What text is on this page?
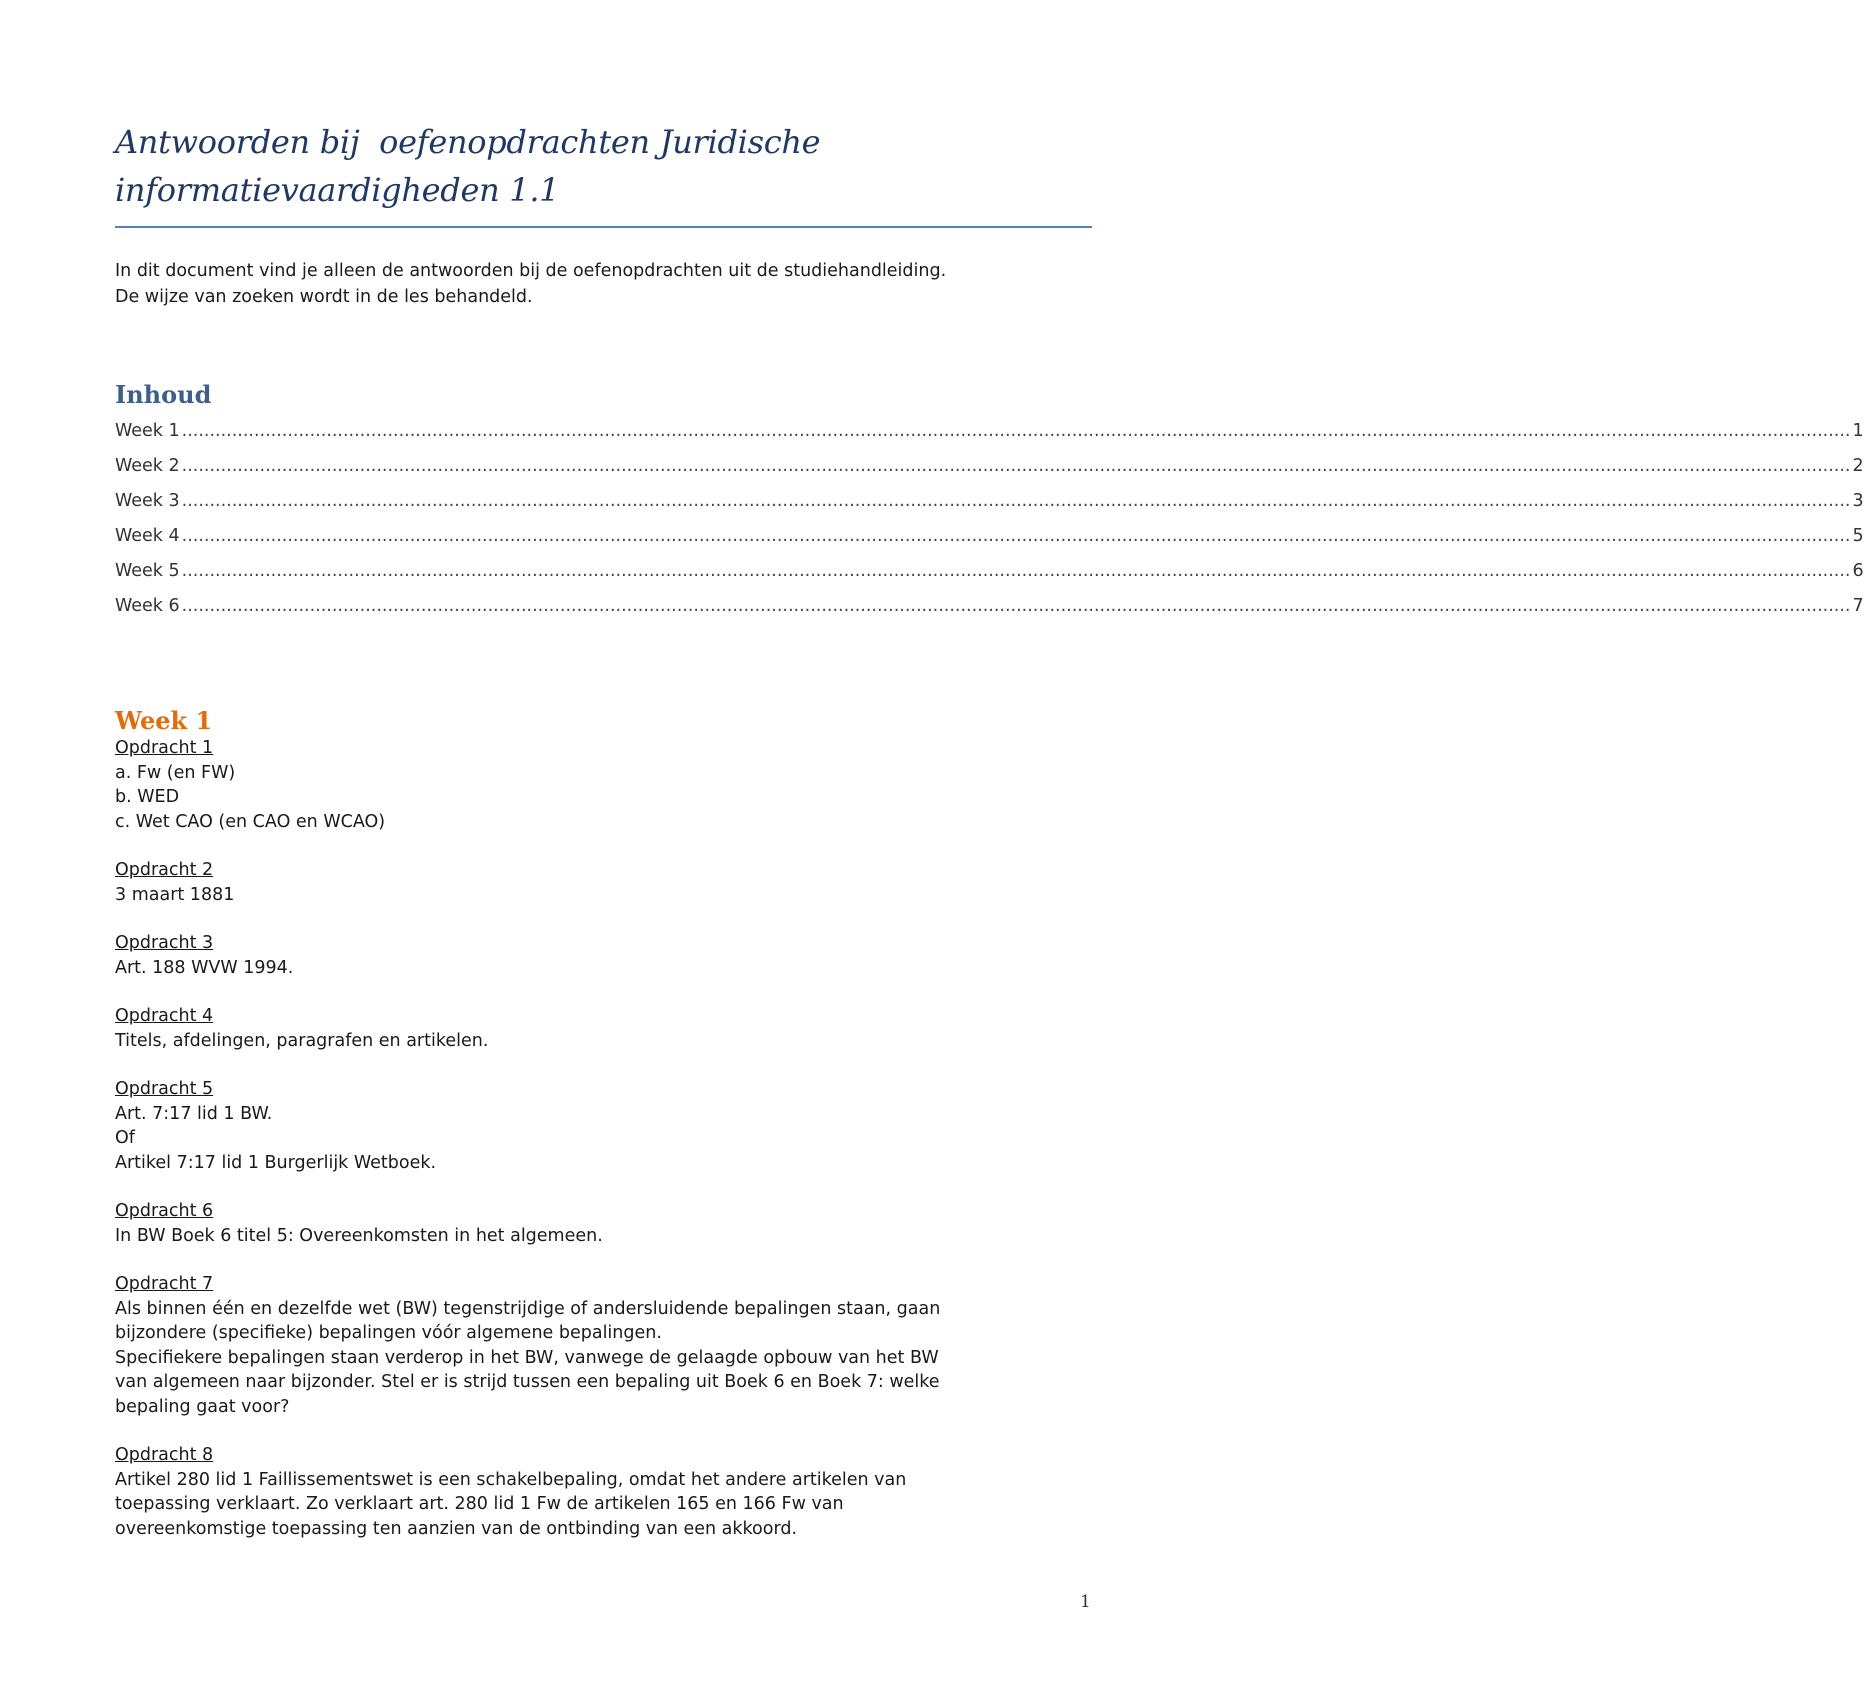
Antwoorden bij  oefenopdrachten Juridische
informatievaardigheden 1.1

In dit document vind je alleen de antwoorden bij de oefenopdrachten uit de studiehandleiding.

De wijze van zoeken wordt in de les behandeld.

Inhoud
Week 1 ............................................................................................................................................................................................................................................................................................................ 1
Week 2 ............................................................................................................................................................................................................................................................................................................ 2
Week 3 ............................................................................................................................................................................................................................................................................................................ 3
Week 4 ............................................................................................................................................................................................................................................................................................................ 5
Week 5 ............................................................................................................................................................................................................................................................................................................ 6
Week 6 ............................................................................................................................................................................................................................................................................................................ 7
Week 1
Opdracht 1

a. Fw (en FW)

b. WED

c. Wet CAO (en CAO en WCAO)

Opdracht 2

3 maart 1881

Opdracht 3

Art. 188 WVW 1994.

Opdracht 4

Titels, afdelingen, paragrafen en artikelen.

Opdracht 5

Art. 7:17 lid 1 BW.

Of

Artikel 7:17 lid 1 Burgerlijk Wetboek.

Opdracht 6

In BW Boek 6 titel 5: Overeenkomsten in het algemeen.

Opdracht 7

Als binnen één en dezelfde wet (BW) tegenstrijdige of andersluidende bepalingen staan, gaan

bijzondere (specifieke) bepalingen vóór algemene bepalingen.

Specifiekere bepalingen staan verderop in het BW, vanwege de gelaagde opbouw van het BW

van algemeen naar bijzonder. Stel er is strijd tussen een bepaling uit Boek 6 en Boek 7: welke

bepaling gaat voor?

Opdracht 8

Artikel 280 lid 1 Faillissementswet is een schakelbepaling, omdat het andere artikelen van

toepassing verklaart. Zo verklaart art. 280 lid 1 Fw de artikelen 165 en 166 Fw van

overeenkomstige toepassing ten aanzien van de ontbinding van een akkoord.

1
